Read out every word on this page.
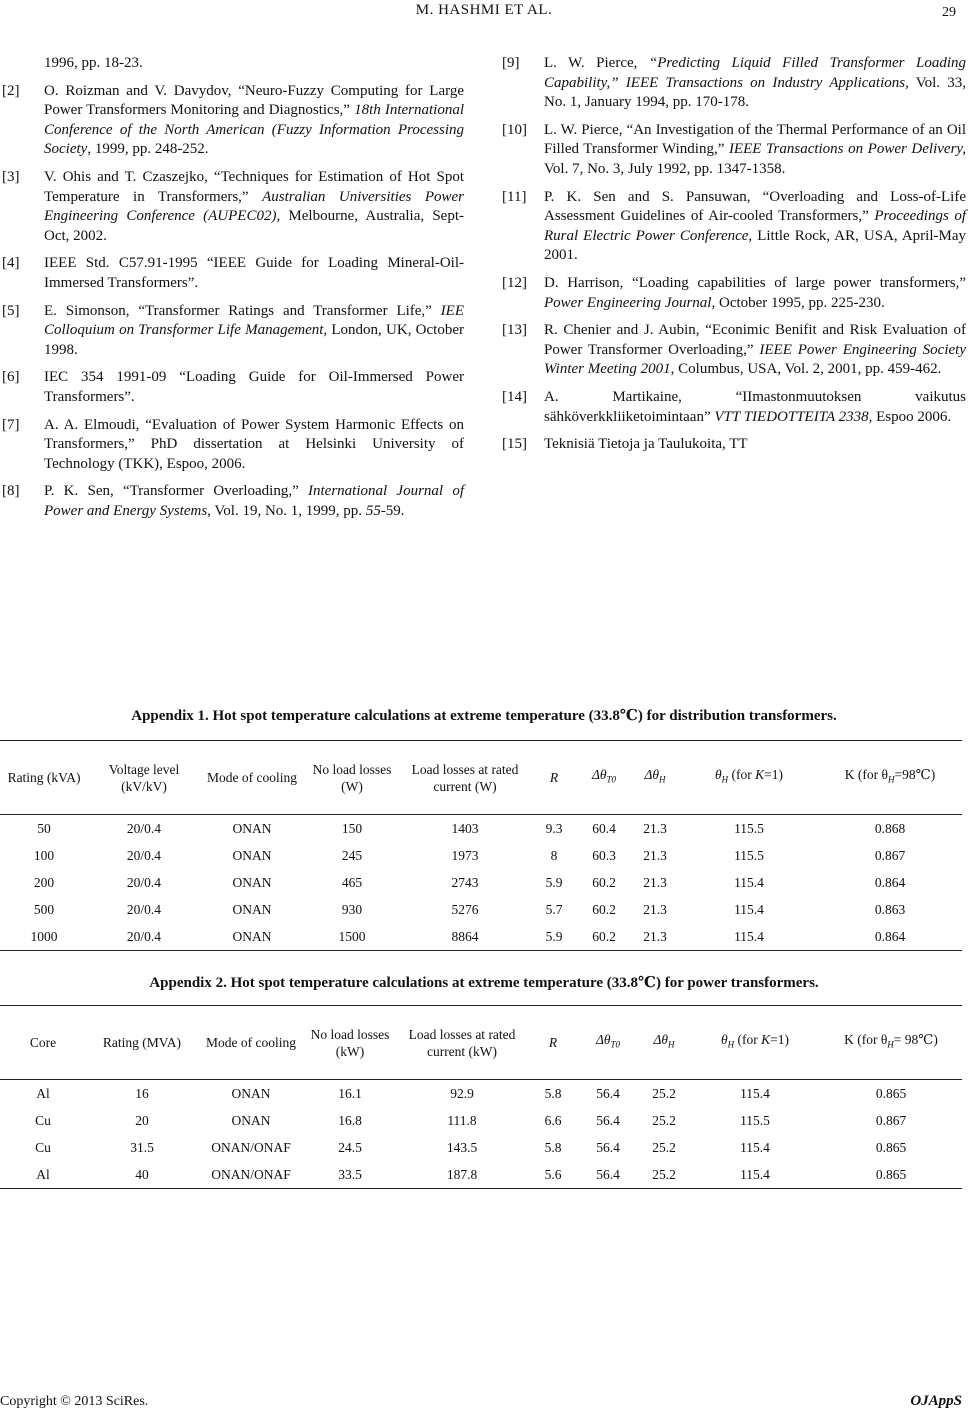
M. HASHMI ET AL.	29
1996, pp. 18-23.
[2] O. Roizman and V. Davydov, “Neuro-Fuzzy Computing for Large Power Transformers Monitoring and Diagnostics,” 18th International Conference of the North American (Fuzzy Information Processing Society, 1999, pp. 248-252.
[3] V. Ohis and T. Czaszejko, “Techniques for Estimation of Hot Spot Temperature in Transformers,” Australian Universities Power Engineering Conference (AUPEC02), Melbourne, Australia, Sept-Oct, 2002.
[4] IEEE Std. C57.91-1995 “IEEE Guide for Loading Mineral-Oil-Immersed Transformers”.
[5] E. Simonson, “Transformer Ratings and Transformer Life,” IEE Colloquium on Transformer Life Management, London, UK, October 1998.
[6] IEC 354 1991-09 “Loading Guide for Oil-Immersed Power Transformers”.
[7] A. A. Elmoudi, “Evaluation of Power System Harmonic Effects on Transformers,” PhD dissertation at Helsinki University of Technology (TKK), Espoo, 2006.
[8] P. K. Sen, “Transformer Overloading,” International Journal of Power and Energy Systems, Vol. 19, No. 1, 1999, pp. 55-59.
[9] L. W. Pierce, “Predicting Liquid Filled Transformer Loading Capability,” IEEE Transactions on Industry Applications, Vol. 33, No. 1, January 1994, pp. 170-178.
[10] L. W. Pierce, “An Investigation of the Thermal Performance of an Oil Filled Transformer Winding,” IEEE Transactions on Power Delivery, Vol. 7, No. 3, July 1992, pp. 1347-1358.
[11] P. K. Sen and S. Pansuwan, “Overloading and Loss-of-Life Assessment Guidelines of Air-cooled Transformers,” Proceedings of Rural Electric Power Conference, Little Rock, AR, USA, April-May 2001.
[12] D. Harrison, “Loading capabilities of large power transformers,” Power Engineering Journal, October 1995, pp. 225-230.
[13] R. Chenier and J. Aubin, “Econimic Benifit and Risk Evaluation of Power Transformer Overloading,” IEEE Power Engineering Society Winter Meeting 2001, Columbus, USA, Vol. 2, 2001, pp. 459-462.
[14] A. Martikaine, “IImastonmuutoksen vaikutus sähköverkkliiketoimintaan” VTT TIEDOTTEITA 2338, Espoo 2006.
[15] Teknisiä Tietoja ja Taulukoita, TT
Appendix 1. Hot spot temperature calculations at extreme temperature (33.8℃) for distribution transformers.
Rating (kVA)	Voltage level (kV/kV)	Mode of cooling	No load losses (W)	Load losses at rated current (W)	R	$\Delta\theta_{T0}$	$\Delta\theta_H$	$\theta_H$ (for K=1)	K (for $\theta_H=98℃$)
50	20/0.4	ONAN	150	1403	9.3	60.4	21.3	115.5	0.868
100	20/0.4	ONAN	245	1973	8	60.3	21.3	115.5	0.867
200	20/0.4	ONAN	465	2743	5.9	60.2	21.3	115.4	0.864
500	20/0.4	ONAN	930	5276	5.7	60.2	21.3	115.4	0.863
1000	20/0.4	ONAN	1500	8864	5.9	60.2	21.3	115.4	0.864
Appendix 2. Hot spot temperature calculations at extreme temperature (33.8℃) for power transformers.
Core	Rating (MVA)	Mode of cooling	No load losses (kW)	Load losses at rated current (kW)	R	$\Delta\theta_{T0}$	$\Delta\theta_H$	$\theta_H$ (for K=1)	K (for $\theta_H=$ 98℃)
Al	16	ONAN	16.1	92.9	5.8	56.4	25.2	115.4	0.865
Cu	20	ONAN	16.8	111.8	6.6	56.4	25.2	115.5	0.867
Cu	31.5	ONAN/ONAF	24.5	143.5	5.8	56.4	25.2	115.4	0.865
Al	40	ONAN/ONAF	33.5	187.8	5.6	56.4	25.2	115.4	0.865
Copyright © 2013 SciRes.	OJAppS
